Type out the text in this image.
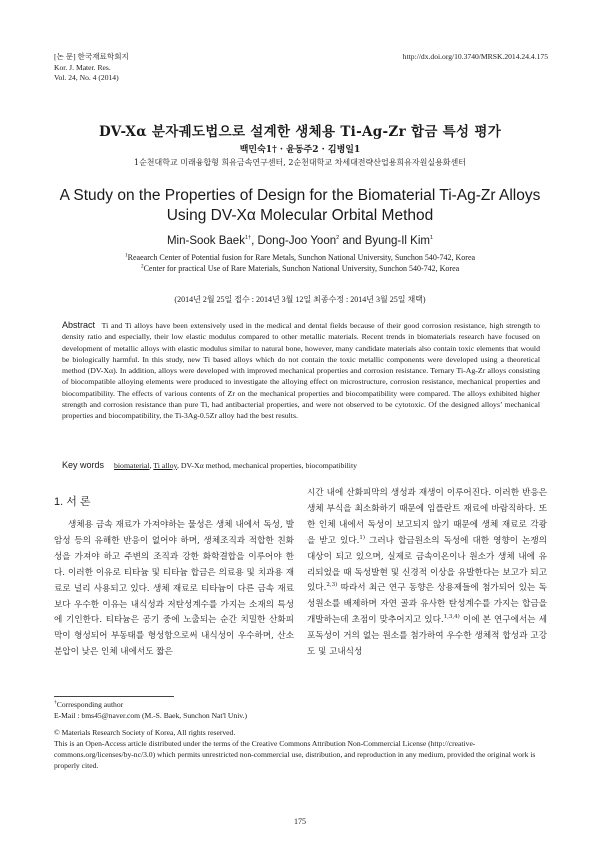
[논 문] 한국재료학회지
Kor. J. Mater. Res.
Vol. 24, No. 4 (2014)
http://dx.doi.org/10.3740/MRSK.2014.24.4.175
DV-Xα 분자궤도법으로 설계한 생체용 Ti-Ag-Zr 합금 특성 평가
백민숙1† · 윤동주2 · 김병일1
1순천대학교 미래융합형 희유금속연구센터, 2순천대학교 차세대전략산업용희유자원실용화센터
A Study on the Properties of Design for the Biomaterial Ti-Ag-Zr Alloys
Using DV-Xα Molecular Orbital Method
Min-Sook Baek$^{1\dagger}$, Dong-Joo Yoon$^2$ and Byung-Il Kim$^1$
$^1$Reaearch Center of Potential fusion for Rare Metals, Sunchon National University, Sunchon 540-742, Korea
$^2$Center for practical Use of Rare Materials, Sunchon National University, Sunchon 540-742, Korea
(2014년 2월 25일 접수 : 2014년 3월 12일 최종수정 : 2014년 3월 25일 채택)
Abstract Ti and Ti alloys have been extensively used in the medical and dental fields because of their good corrosion resistance, high strength to density ratio and especially, their low elastic modulus compared to other metallic materials. Recent trends in biomaterials research have focused on development of metallic alloys with elastic modulus similar to natural bone, however, many candidate materials also contain toxic elements that would be biologically harmful. In this study, new Ti based alloys which do not contain the toxic metallic components were developed using a theoretical method (DV-Xα). In addition, alloys were developed with improved mechanical properties and corrosion resistance. Ternary Ti-Ag-Zr alloys consisting of biocompatible alloying elements were produced to investigate the alloying effect on microstructure, corrosion resistance, mechanical properties and biocompatibility. The effects of various contents of Zr on the mechanical properties and biocompatibility were compared. The alloys exhibited higher strength and corrosion resistance than pure Ti, had antibacterial properties, and were not observed to be cytotoxic. Of the designed alloys’ mechanical properties and biocompatibility, the Ti-3Ag-0.5Zr alloy had the best results.
Key words biomaterial, Ti alloy, DV-Xα method, mechanical properties, biocompatibility
1. 서 론
생체용 금속 재료가 가져야하는 물성은 생체 내에서 독성, 발암성 등의 유해한 반응이 없어야 하며, 생체조직과 적합한 친화성을 가져야 하고 주변의 조직과 강한 화학결합을 이루어야 한다. 이러한 이유로 티타늄 및 티타늄 합금은 의료용 및 치과용 재료로 널리 사용되고 있다. 생체 재료로 티타늄이 다른 금속 재료보다 우수한 이유는 내식성과 저탄성계수를 가지는 소재의 특성에 기인한다. 티타늄은 공기 중에 노출되는 순간 치밀한 산화피막이 형성되어 부동태를 형성함으로써 내식성이 우수하며, 산소 분압이 낮은 인체 내에서도 짧은
시간 내에 산화피막의 생성과 재생이 이루어진다. 이러한 반응은 생체 부식을 최소화하기 때문에 임플란트 재료에 바람직하다. 또한 인체 내에서 독성이 보고되지 않기 때문에 생체 재료로 각광을 받고 있다.$^{1)}$ 그러나 합금원소의 독성에 대한 영향이 논쟁의 대상이 되고 있으며, 실제로 금속이온이나 원소가 생체 내에 유리되었을 때 독성발현 및 신경적 이상을 유발한다는 보고가 되고 있다.$^{2,3)}$ 따라서 최근 연구 동향은 상용제들에 첨가되어 있는 독성원소를 배제하며 자연 골과 유사한 탄성계수를 가지는 합금을 개발하는데 초점이 맞추어지고 있다.$^{1,3,4)}$ 이에 본 연구에서는 세포독성이 거의 없는 원소를 첨가하여 우수한 생체적 합성과 고강도 및 고내식성

†Corresponding author

E-Mail : bms45@naver.com (M.-S. Baek, Sunchon Nat'l Univ.)

© Materials Research Society of Korea, All rights reserved.

This is an Open-Access article distributed under the terms of the Creative Commons Attribution Non-Commercial License (http://creative-commons.org/licenses/by-nc/3.0) which permits unrestricted non-commercial use, distribution, and reproduction in any medium, provided the original work is properly cited.

175
